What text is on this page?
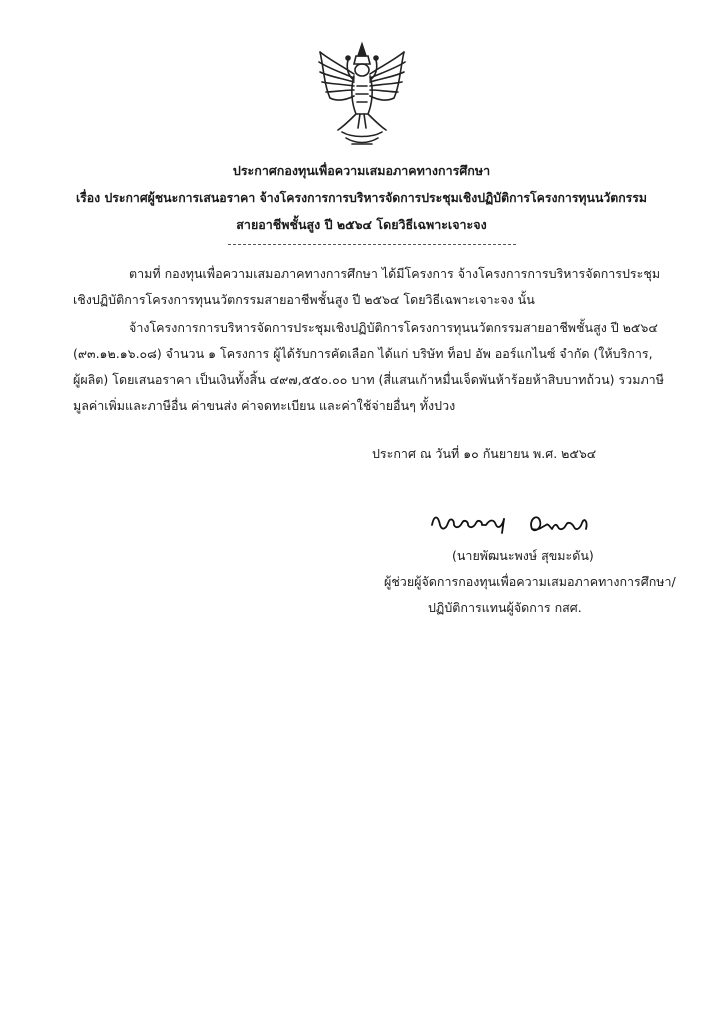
ประกาศกองทุนเพื่อความเสมอภาคทางการศึกษา
เรื่อง ประกาศผู้ชนะการเสนอราคา จ้างโครงการการบริหารจัดการประชุมเชิงปฏิบัติการโครงการทุนนวัตกรรม
สายอาชีพชั้นสูง ปี ๒๕๖๔ โดยวิธีเฉพาะเจาะจง
ตามที่ กองทุนเพื่อความเสมอภาคทางการศึกษา ได้มีโครงการ จ้างโครงการการบริหารจัดการประชุม
เชิงปฏิบัติการโครงการทุนนวัตกรรมสายอาชีพชั้นสูง ปี ๒๕๖๔ โดยวิธีเฉพาะเจาะจง นั้น
จ้างโครงการการบริหารจัดการประชุมเชิงปฏิบัติการโครงการทุนนวัตกรรมสายอาชีพชั้นสูง ปี ๒๕๖๔
(๙๓.๑๒.๑๖.๐๘) จำนวน ๑ โครงการ ผู้ได้รับการคัดเลือก ได้แก่ บริษัท ท็อป อัพ ออร์แกไนซ์ จำกัด (ให้บริการ,
ผู้ผลิต) โดยเสนอราคา เป็นเงินทั้งสิ้น ๔๙๗,๕๕๐.๐๐ บาท (สี่แสนเก้าหมื่นเจ็ดพันห้าร้อยห้าสิบบาทถ้วน) รวมภาษี
มูลค่าเพิ่มและภาษีอื่น ค่าขนส่ง ค่าจดทะเบียน และค่าใช้จ่ายอื่นๆ ทั้งปวง
ประกาศ ณ วันที่ ๑๐ กันยายน พ.ศ. ๒๕๖๔
(นายพัฒนะพงษ์ สุขมะดัน)
ผู้ช่วยผู้จัดการกองทุนเพื่อความเสมอภาคทางการศึกษา/
ปฏิบัติการแทนผู้จัดการ กสศ.
